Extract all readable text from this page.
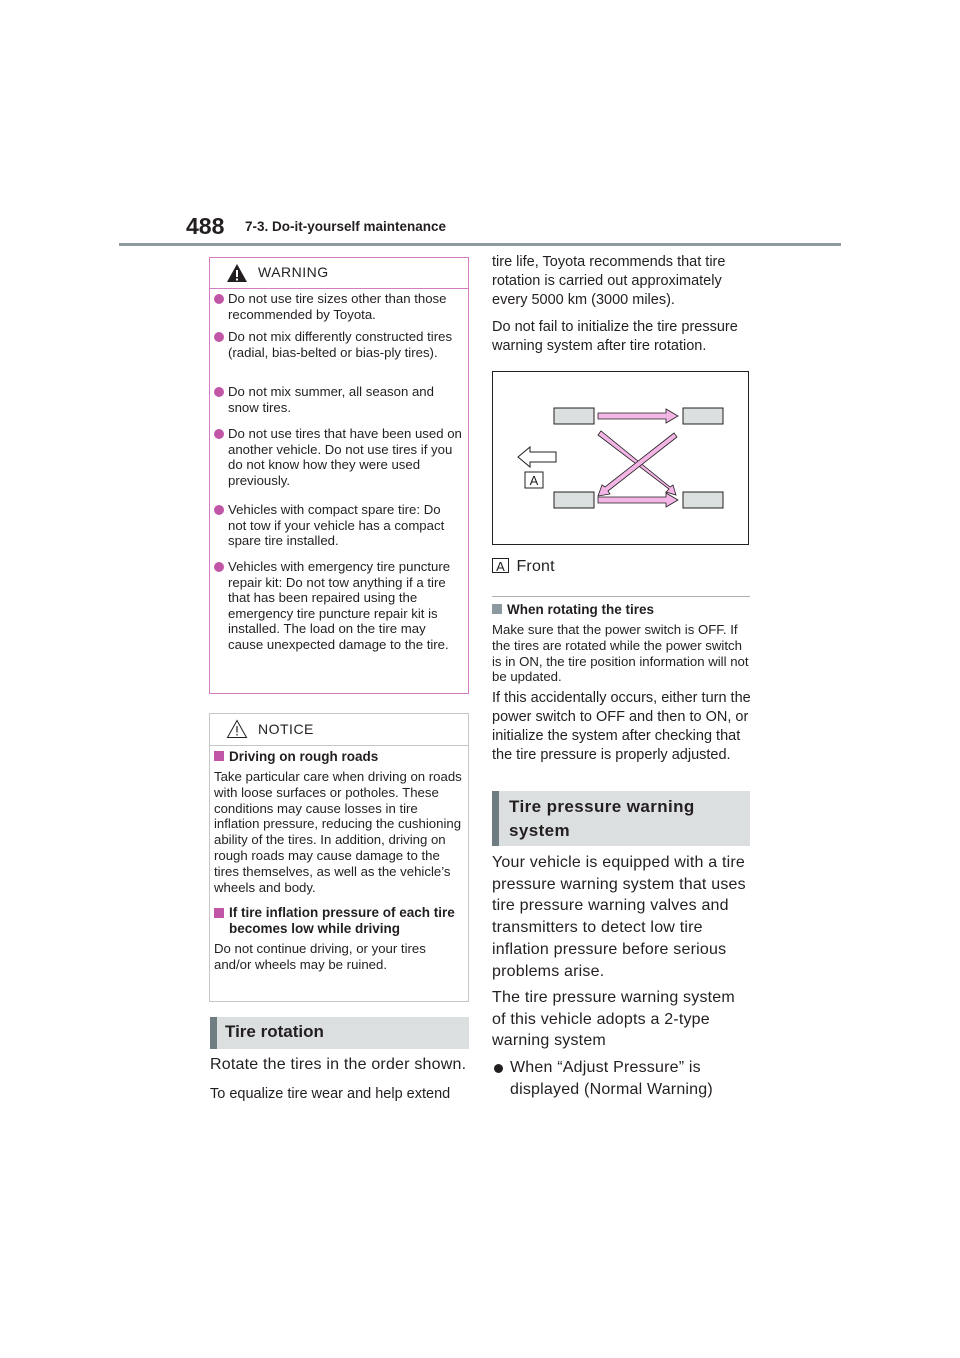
488 7-3. Do-it-yourself maintenance
WARNING
Do not use tire sizes other than those recommended by Toyota.
Do not mix differently constructed tires (radial, bias-belted or bias-ply tires).
Do not mix summer, all season and snow tires.
Do not use tires that have been used on another vehicle. Do not use tires if you do not know how they were used previously.
Vehicles with compact spare tire: Do not tow if your vehicle has a compact spare tire installed.
Vehicles with emergency tire puncture repair kit: Do not tow anything if a tire that has been repaired using the emergency tire puncture repair kit is installed. The load on the tire may cause unexpected damage to the tire.
NOTICE
Driving on rough roads
Take particular care when driving on roads with loose surfaces or potholes. These conditions may cause losses in tire inflation pressure, reducing the cushioning ability of the tires. In addition, driving on rough roads may cause damage to the tires themselves, as well as the vehicle’s wheels and body.
If tire inflation pressure of each tire becomes low while driving
Do not continue driving, or your tires and/or wheels may be ruined.
Tire rotation
Rotate the tires in the order shown.
To equalize tire wear and help extend
tire life, Toyota recommends that tire rotation is carried out approximately every 5000 km (3000 miles).
Do not fail to initialize the tire pressure warning system after tire rotation.
A
A Front
When rotating the tires
Make sure that the power switch is OFF. If the tires are rotated while the power switch is in ON, the tire position information will not be updated.
If this accidentally occurs, either turn the power switch to OFF and then to ON, or initialize the system after checking that the tire pressure is properly adjusted.
Tire pressure warning system
Your vehicle is equipped with a tire pressure warning system that uses tire pressure warning valves and transmitters to detect low tire inflation pressure before serious problems arise.
The tire pressure warning system of this vehicle adopts a 2-type warning system
When “Adjust Pressure” is displayed (Normal Warning)
